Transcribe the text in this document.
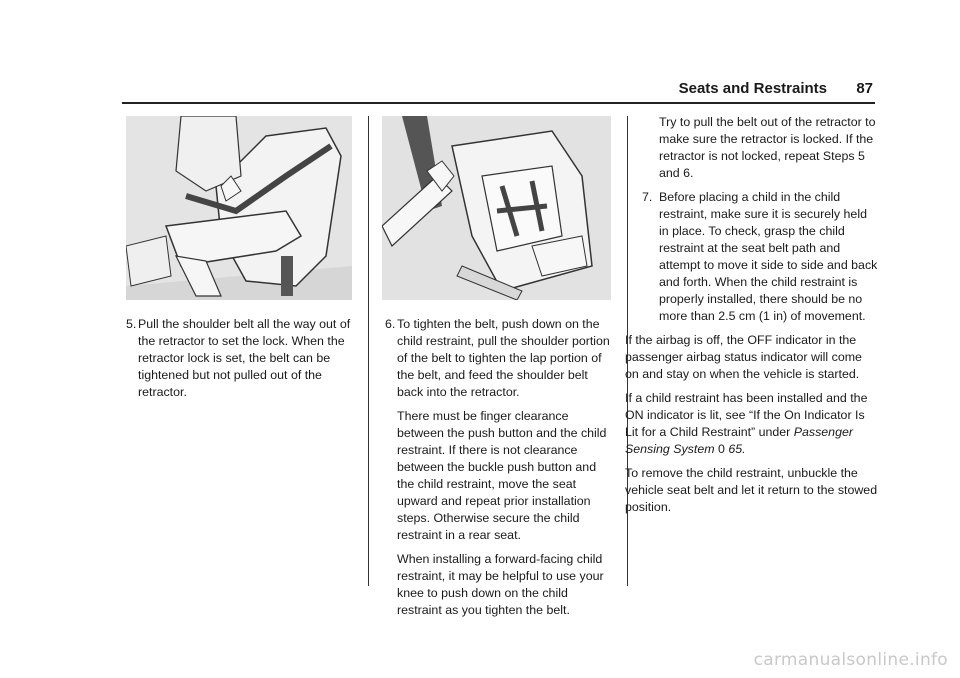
Seats and Restraints 87
5. Pull the shoulder belt all the way out of the retractor to set the lock. When the retractor lock is set, the belt can be tightened but not pulled out of the retractor.
6. To tighten the belt, push down on the child restraint, pull the shoulder portion of the belt to tighten the lap portion of the belt, and feed the shoulder belt back into the retractor.

There must be finger clearance between the push button and the child restraint. If there is not clearance between the buckle push button and the child restraint, move the seat upward and repeat prior installation steps. Otherwise secure the child restraint in a rear seat.

When installing a forward-facing child restraint, it may be helpful to use your knee to push down on the child restraint as you tighten the belt.

Try to pull the belt out of the retractor to make sure the retractor is locked. If the retractor is not locked, repeat Steps 5 and 6.

7. Before placing a child in the child restraint, make sure it is securely held in place. To check, grasp the child restraint at the seat belt path and attempt to move it side to side and back and forth. When the child restraint is properly installed, there should be no more than 2.5 cm (1 in) of movement.

If the airbag is off, the OFF indicator in the passenger airbag status indicator will come on and stay on when the vehicle is started.

If a child restraint has been installed and the ON indicator is lit, see “If the On Indicator Is Lit for a Child Restraint” under Passenger Sensing System 0 65.

To remove the child restraint, unbuckle the vehicle seat belt and let it return to the stowed position.

carmanualsonline.info
